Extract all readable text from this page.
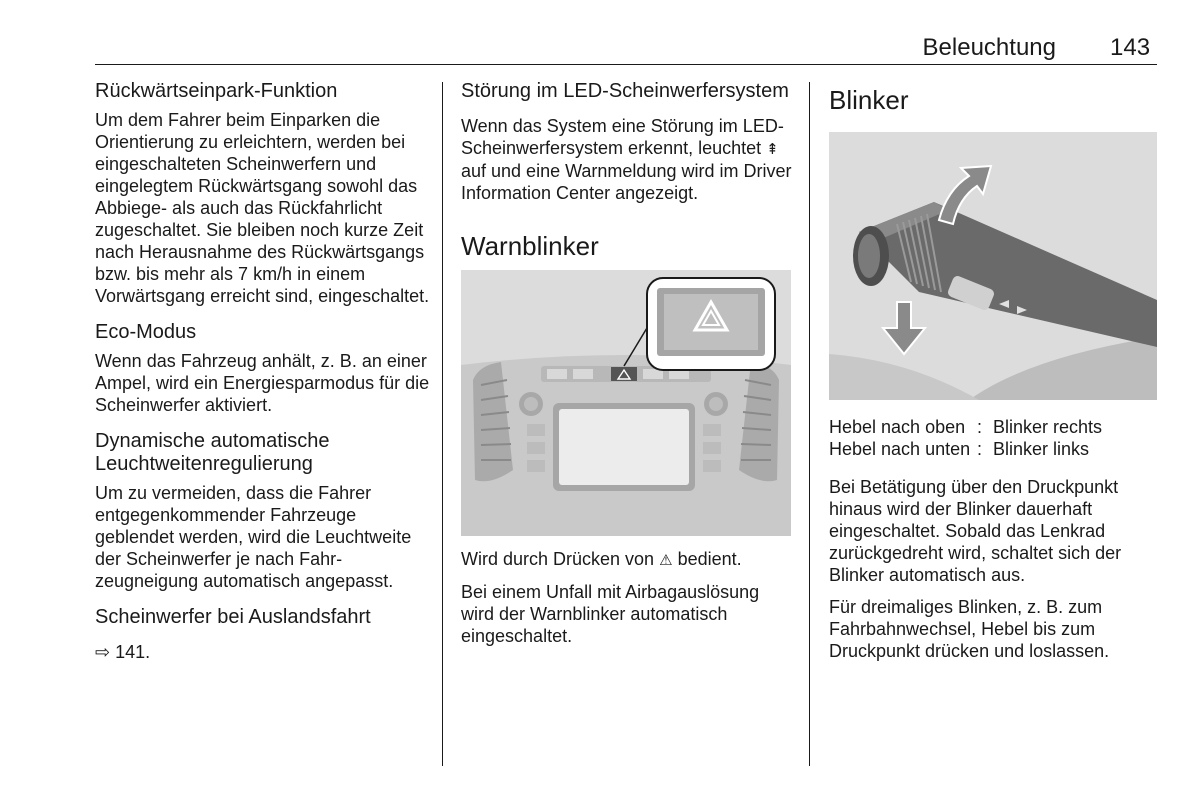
Beleuchtung 143
Rückwärtseinpark-Funktion

Um dem Fahrer beim Einparken die Orientierung zu erleichtern, werden bei eingeschalteten Scheinwerfern und eingelegtem Rückwärtsgang sowohl das Abbiege- als auch das Rückfahrlicht zugeschaltet. Sie bleiben noch kurze Zeit nach Herausnahme des Rückwärtsgangs bzw. bis mehr als 7 km/h in einem Vorwärtsgang erreicht sind, eingeschaltet.

Eco-Modus

Wenn das Fahrzeug anhält, z. B. an einer Ampel, wird ein Energiesparmodus für die Scheinwerfer aktiviert.

Dynamische automatische Leuchtweitenregulierung

Um zu vermeiden, dass die Fahrer entgegenkommender Fahrzeuge geblendet werden, wird die Leuchtweite der Scheinwerfer je nach Fahrzeugneigung automatisch angepasst.

Scheinwerfer bei Auslandsfahrt

⇨ 141.

Störung im LED-Scheinwerfersystem

Wenn das System eine Störung im LED-Scheinwerfersystem erkennt, leuchtet ⇞ auf und eine Warnmeldung wird im Driver Information Center angezeigt.

Warnblinker

Wird durch Drücken von ⚠ bedient.

Bei einem Unfall mit Airbagauslösung wird der Warnblinker automatisch eingeschaltet.

Blinker
Hebel nach oben : Blinker rechts
Hebel nach unten : Blinker links

Bei Betätigung über den Druckpunkt hinaus wird der Blinker dauerhaft eingeschaltet. Sobald das Lenkrad zurückgedreht wird, schaltet sich der Blinker automatisch aus.

Für dreimaliges Blinken, z. B. zum Fahrbahnwechsel, Hebel bis zum Druckpunkt drücken und loslassen.
